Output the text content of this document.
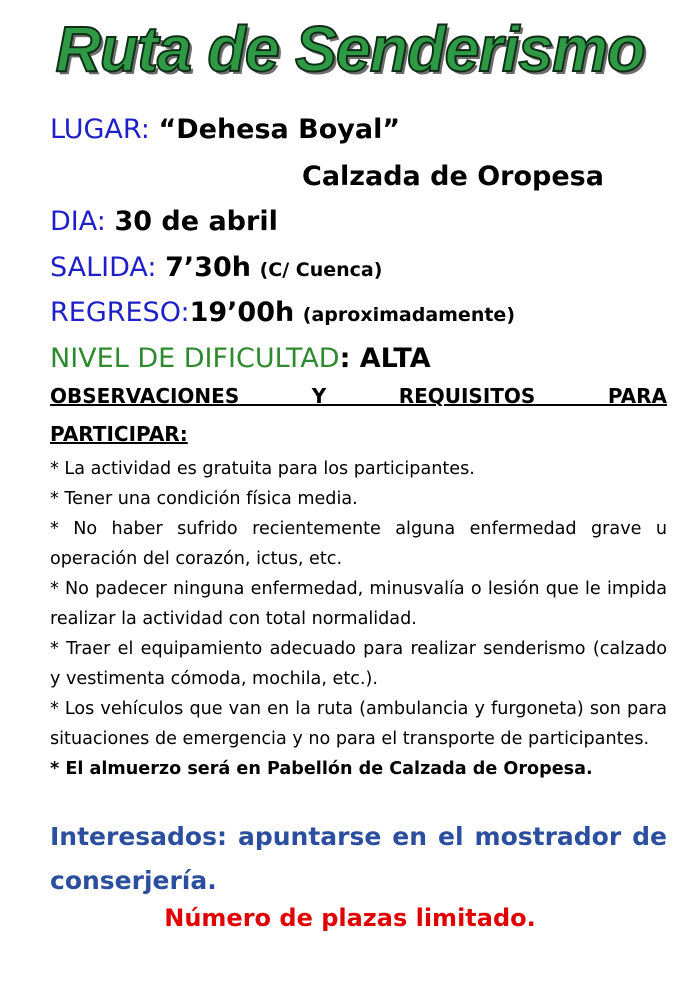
Ruta de Senderismo
LUGAR: “Dehesa Boyal”
Calzada de Oropesa
DIA: 30 de abril
SALIDA: 7’30h (C/ Cuenca)
REGRESO:19’00h (aproximadamente)
NIVEL DE DIFICULTAD: ALTA
OBSERVACIONES Y REQUISITOS PARA
PARTICIPAR:
* La actividad es gratuita para los participantes.
* Tener una condición física media.
* No haber sufrido recientemente alguna enfermedad grave u operación del corazón, ictus, etc.
* No padecer ninguna enfermedad, minusvalía o lesión que le impida realizar la actividad con total normalidad.
* Traer el equipamiento adecuado para realizar senderismo (calzado y vestimenta cómoda, mochila, etc.).
* Los vehículos que van en la ruta (ambulancia y furgoneta) son para situaciones de emergencia y no para el transporte de participantes.
* El almuerzo será en Pabellón de Calzada de Oropesa.
Interesados: apuntarse en el mostrador de conserjería.
Número de plazas limitado.
